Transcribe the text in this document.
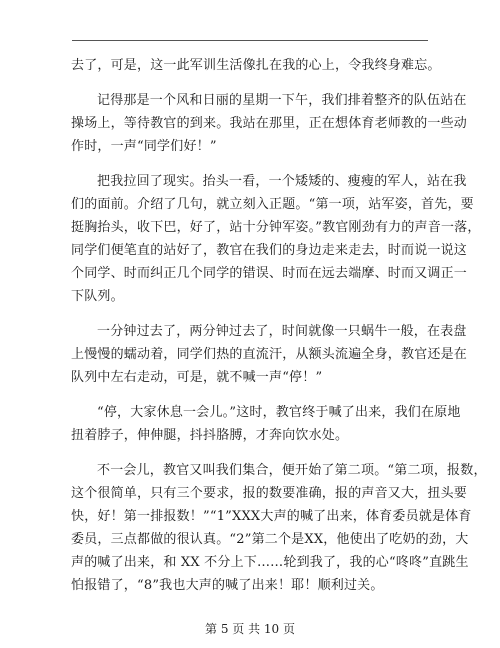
去了，可是，这一此军训生活像扎在我的心上，令我终身难忘。
记得那是一个风和日丽的星期一下午，我们排着整齐的队伍站在
操场上，等待教官的到来。我站在那里，正在想体育老师教的一些动
作时，一声“同学们好！”
把我拉回了现实。抬头一看，一个矮矮的、瘦瘦的军人，站在我
们的面前。介绍了几句，就立刻入正题。“第一项，站军姿，首先，要
挺胸抬头，收下巴，好了，站十分钟军姿。”教官刚劲有力的声音一落，
同学们便笔直的站好了，教官在我们的身边走来走去，时而说一说这
个同学、时而纠正几个同学的错误、时而在远去端摩、时而又调正一
下队列。
一分钟过去了，两分钟过去了，时间就像一只蜗牛一般，在表盘
上慢慢的蠕动着，同学们热的直流汗，从额头流遍全身，教官还是在
队列中左右走动，可是，就不喊一声“停！”
“停，大家休息一会儿。”这时，教官终于喊了出来，我们在原地
扭着脖子，伸伸腿，抖抖胳膊，才奔向饮水处。
不一会儿，教官又叫我们集合，便开始了第二项。“第二项，报数，
这个很简单，只有三个要求，报的数要准确，报的声音又大，扭头要
快，好！第一排报数！”“1”XXX大声的喊了出来，体育委员就是体育
委员，三点都做的很认真。“2”第二个是XX，他使出了吃奶的劲，大
声的喊了出来，和 XX 不分上下……轮到我了，我的心“咚咚”直跳生
怕报错了，“8”我也大声的喊了出来！耶！顺利过关。
第 5 页 共 10 页
